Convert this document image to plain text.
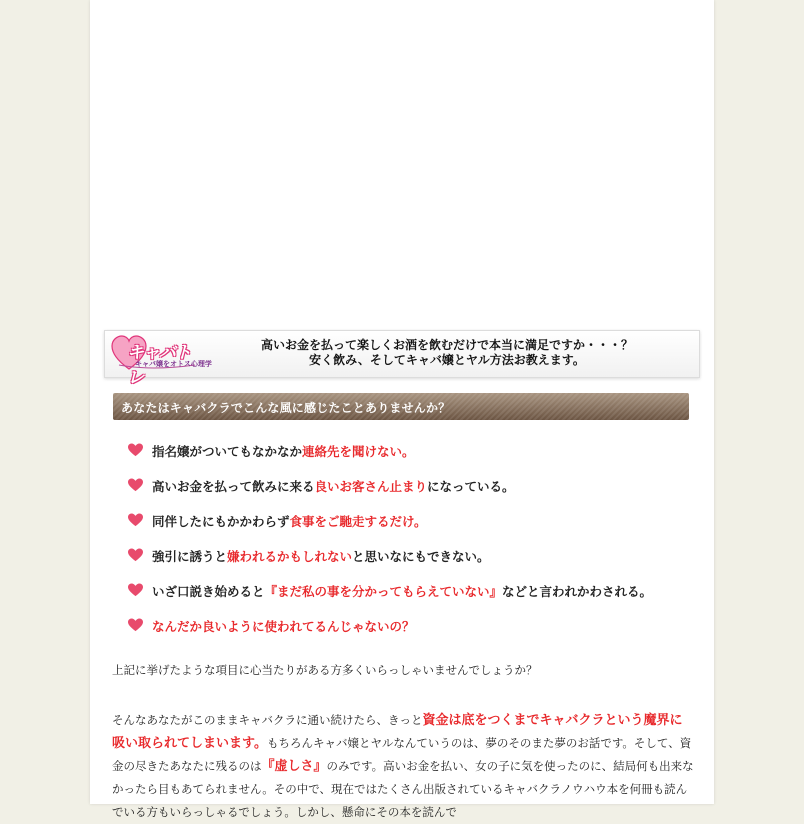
キャバトレ
キャバ嬢をオトス心理学
高いお金を払って楽しくお酒を飲むだけで本当に満足ですか・・・？
安く飲み、そしてキャバ嬢とヤル方法お教えます。
あなたはキャバクラでこんな風に感じたことありませんか？
指名嬢がついてもなかなか連絡先を聞けない。
高いお金を払って飲みに来る良いお客さん止まりになっている。
同伴したにもかかわらず食事をご馳走するだけ。
強引に誘うと嫌われるかもしれないと思いなにもできない。
いざ口説き始めると『まだ私の事を分かってもらえていない』などと言われかわされる。
なんだか良いように使われてるんじゃないの？
上記に挙げたような項目に心当たりがある方多くいらっしゃいませんでしょうか？
そんなあなたがこのままキャバクラに通い続けたら、きっと資金は底をつくまでキャバクラという魔界に吸い取られてしまいます。もちろんキャバ嬢とヤルなんていうのは、夢のそのまた夢のお話です。そして、資金の尽きたあなたに残るのは『虚しさ』のみです。高いお金を払い、女の子に気を使ったのに、結局何も出来なかったら目もあてられません。その中で、現在ではたくさん出版されているキャバクラノウハウ本を何冊も読んでいる方もいらっしゃるでしょう。しかし、懸命にその本を読んで
